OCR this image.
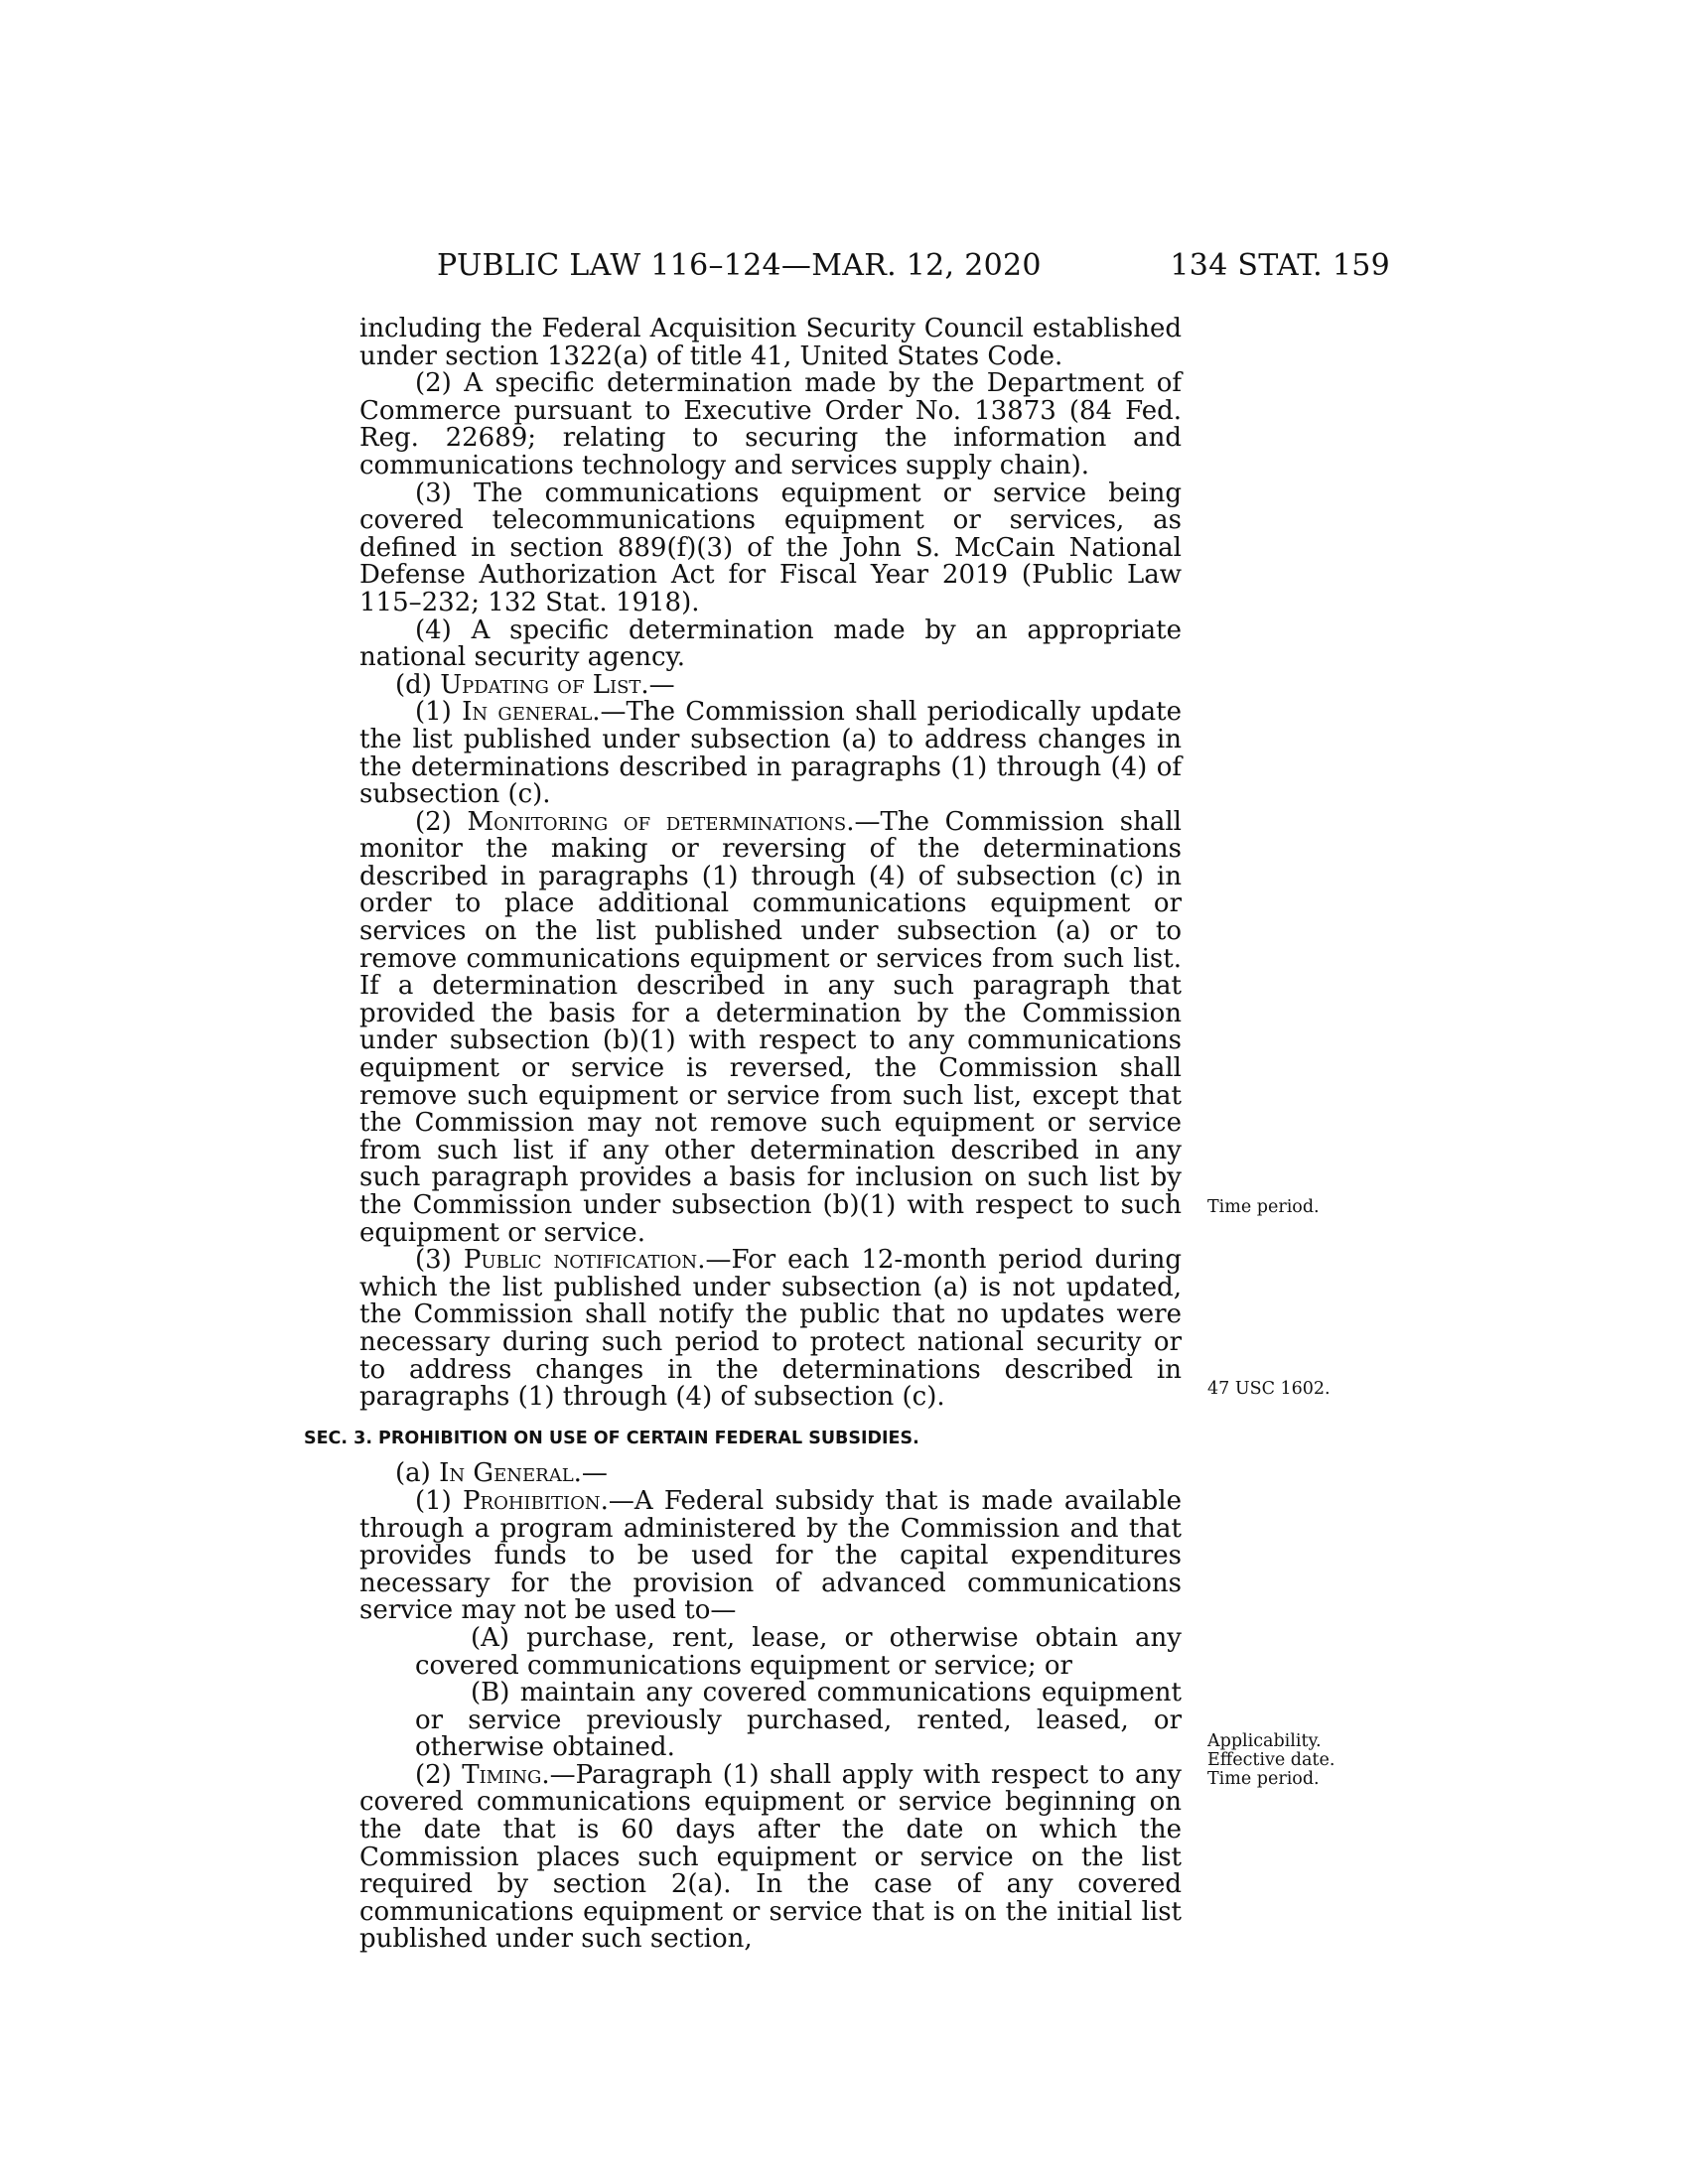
PUBLIC LAW 116–124—MAR. 12, 2020	134 STAT. 159

including the Federal Acquisition Security Council established under section 1322(a) of title 41, United States Code.

(2) A specific determination made by the Department of Commerce pursuant to Executive Order No. 13873 (84 Fed. Reg. 22689; relating to securing the information and communications technology and services supply chain).

(3) The communications equipment or service being covered telecommunications equipment or services, as defined in section 889(f)(3) of the John S. McCain National Defense Authorization Act for Fiscal Year 2019 (Public Law 115–232; 132 Stat. 1918).

(4) A specific determination made by an appropriate national security agency.

(d) Updating of List.—

(1) In general.—The Commission shall periodically update the list published under subsection (a) to address changes in the determinations described in paragraphs (1) through (4) of subsection (c).

(2) Monitoring of determinations.—The Commission shall monitor the making or reversing of the determinations described in paragraphs (1) through (4) of subsection (c) in order to place additional communications equipment or services on the list published under subsection (a) or to remove communications equipment or services from such list. If a determination described in any such paragraph that provided the basis for a determination by the Commission under subsection (b)(1) with respect to any communications equipment or service is reversed, the Commission shall remove such equipment or service from such list, except that the Commission may not remove such equipment or service from such list if any other determination described in any such paragraph provides a basis for inclusion on such list by the Commission under subsection (b)(1) with respect to such equipment or service.

(3) Public notification.—For each 12-month period during which the list published under subsection (a) is not updated, the Commission shall notify the public that no updates were necessary during such period to protect national security or to address changes in the determinations described in paragraphs (1) through (4) of subsection (c).

SEC. 3. PROHIBITION ON USE OF CERTAIN FEDERAL SUBSIDIES.

(a) In General.—

(1) Prohibition.—A Federal subsidy that is made available through a program administered by the Commission and that provides funds to be used for the capital expenditures necessary for the provision of advanced communications service may not be used to—

(A) purchase, rent, lease, or otherwise obtain any covered communications equipment or service; or

(B) maintain any covered communications equipment or service previously purchased, rented, leased, or otherwise obtained.

(2) Timing.—Paragraph (1) shall apply with respect to any covered communications equipment or service beginning on the date that is 60 days after the date on which the Commission places such equipment or service on the list required by section 2(a). In the case of any covered communications equipment or service that is on the initial list published under such section,

Time period.
47 USC 1602.
Applicability.
Effective date.
Time period.
